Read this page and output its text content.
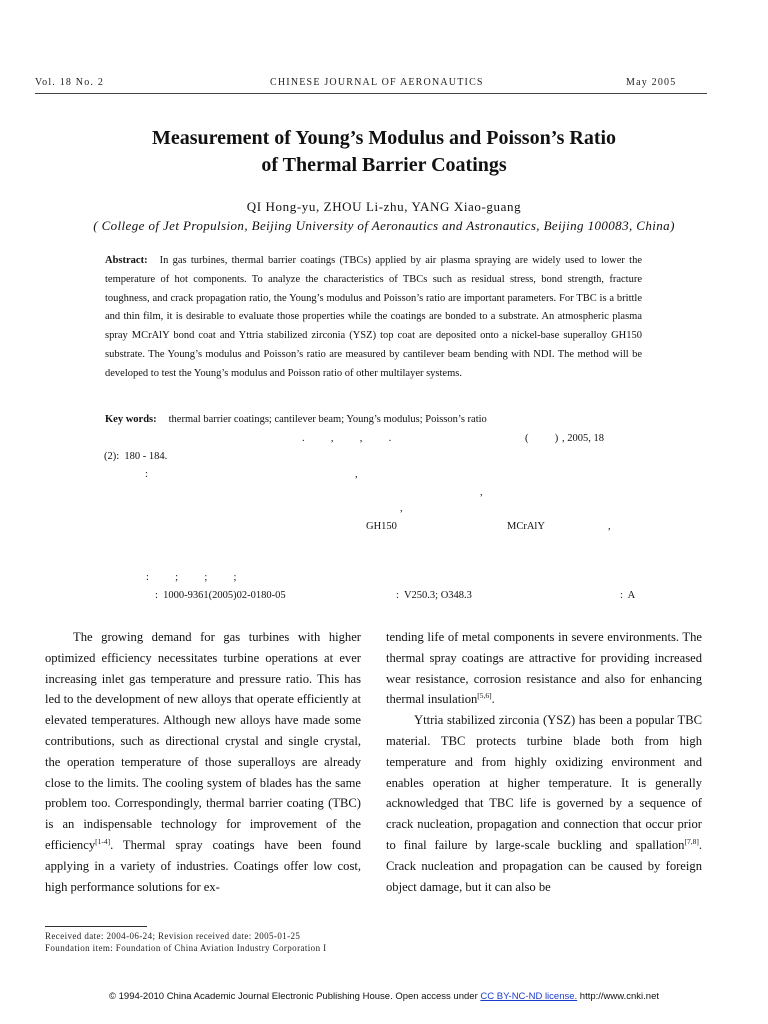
Vol. 18 No. 2	CHINESE JOURNAL OF AERONAUTICS	May 2005
Measurement of Young’s Modulus and Poisson’s Ratio
of Thermal Barrier Coatings
QI Hong-yu, ZHOU Li-zhu, YANG Xiao-guang
( College of Jet Propulsion, Beijing University of Aeronautics and Astronautics, Beijing 100083, China)
Abstract: In gas turbines, thermal barrier coatings (TBCs) applied by air plasma spraying are widely used to lower the temperature of hot components. To analyze the characteristics of TBCs such as residual stress, bond strength, fracture toughness, and crack propagation ratio, the Young’s modulus and Poisson’s ratio are important parameters. For TBC is a brittle and thin film, it is desirable to evaluate those properties while the coatings are bonded to a substrate. An atmospheric plasma spray MCrAlY bond coat and Yttria stabilized zirconia (YSZ) top coat are deposited onto a nickel-base superalloy GH150 substrate. The Young’s modulus and Poisson’s ratio are measured by cantilever beam bending with NDI. The method will be developed to test the Young’s modulus and Poisson ratio of other multilayer systems.
Key words: thermal barrier coatings; cantilever beam; Young’s modulus; Poisson’s ratio
.          ,          ,          .	(          ) , 2005, 18
(2):  180 - 184.
:	,
,
,
GH150	MCrAlY	,
:          ;          ;          ;
:  1000-9361(2005)02-0180-05	:  V250.3; O348.3	:  A

The growing demand for gas turbines with higher optimized efficiency necessitates turbine operations at ever increasing inlet gas temperature and pressure ratio. This has led to the development of new alloys that operate efficiently at elevated temperatures. Although new alloys have made some contributions, such as directional crystal and single crystal, the operation temperature of those superalloys are already close to the limits. The cooling system of blades has the same problem too. Correspondingly, thermal barrier coating (TBC) is an indispensable technology for improvement of the efficiency[1-4]. Thermal spray coatings have been found applying in a variety of industries. Coatings offer low cost, high performance solutions for ex-

tending life of metal components in severe environments. The thermal spray coatings are attractive for providing increased wear resistance, corrosion resistance and also for enhancing thermal insulation[5,6].

Yttria stabilized zirconia (YSZ) has been a popular TBC material. TBC protects turbine blade both from high temperature and from highly oxidizing environment and enables operation at higher temperature. It is generally acknowledged that TBC life is governed by a sequence of crack nucleation, propagation and connection that occur prior to final failure by large-scale buckling and spallation[7,8]. Crack nucleation and propagation can be caused by foreign object damage, but it can also be

Received date: 2004-06-24; Revision received date: 2005-01-25
Foundation item: Foundation of China Aviation Industry Corporation I
© 1994-2010 China Academic Journal Electronic Publishing House. Open access under CC BY-NC-ND license. http://www.cnki.net
